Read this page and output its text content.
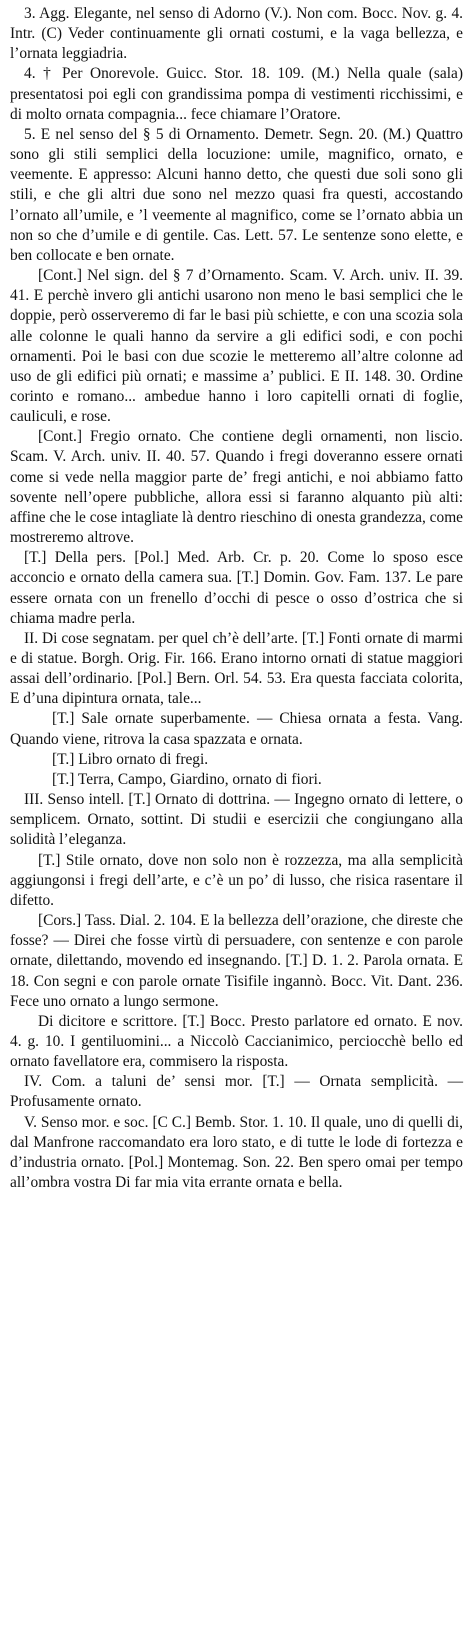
3. Agg. Elegante, nel senso di Adorno (V.). Non com. Bocc. Nov. g. 4. Intr. (C) Veder continuamente gli ornati costumi, e la vaga bellezza, e l’ornata leggiadria.

4. † Per Onorevole. Guicc. Stor. 18. 109. (M.) Nella quale (sala) presentatosi poi egli con grandissima pompa di vestimenti ricchissimi, e di molto ornata compagnia... fece chiamare l’Oratore.

5. E nel senso del § 5 di Ornamento. Demetr. Segn. 20. (M.) Quattro sono gli stili semplici della locuzione: umile, magnifico, ornato, e veemente. E appresso: Alcuni hanno detto, che questi due soli sono gli stili, e che gli altri due sono nel mezzo quasi fra questi, accostando l’ornato all’umile, e ’l veemente al magnifico, come se l’ornato abbia un non so che d’umile e di gentile. Cas. Lett. 57. Le sentenze sono elette, e ben collocate e ben ornate.

[Cont.] Nel sign. del § 7 d’Ornamento. Scam. V. Arch. univ. II. 39. 41. E perchè invero gli antichi usarono non meno le basi semplici che le doppie, però osserveremo di far le basi più schiette, e con una scozia sola alle colonne le quali hanno da servire a gli edifici sodi, e con pochi ornamenti. Poi le basi con due scozie le metteremo all’altre colonne ad uso de gli edifici più ornati; e massime a’ publici. E II. 148. 30. Ordine corinto e romano... ambedue hanno i loro capitelli ornati di foglie, cauliculi, e rose.

[Cont.] Fregio ornato. Che contiene degli ornamenti, non liscio. Scam. V. Arch. univ. II. 40. 57. Quando i fregi doveranno essere ornati come si vede nella maggior parte de’ fregi antichi, e noi abbiamo fatto sovente nell’opere pubbliche, allora essi si faranno alquanto più alti: affine che le cose intagliate là dentro rieschino di onesta grandezza, come mostreremo altrove.

[T.] Della pers. [Pol.] Med. Arb. Cr. p. 20. Come lo sposo esce acconcio e ornato della camera sua. [T.] Domin. Gov. Fam. 137. Le pare essere ornata con un frenello d’occhi di pesce o osso d’ostrica che si chiama madre perla.

II. Di cose segnatam. per quel ch’è dell’arte. [T.] Fonti ornate di marmi e di statue. Borgh. Orig. Fir. 166. Erano intorno ornati di statue maggiori assai dell’ordinario. [Pol.] Bern. Orl. 54. 53. Era questa facciata colorita, E d’una dipintura ornata, tale...

[T.] Sale ornate superbamente. — Chiesa ornata a festa. Vang. Quando viene, ritrova la casa spazzata e ornata.

[T.] Libro ornato di fregi.

[T.] Terra, Campo, Giardino, ornato di fiori.

III. Senso intell. [T.] Ornato di dottrina. — Ingegno ornato di lettere, o semplicem. Ornato, sottint. Di studii e esercizii che congiungano alla solidità l’eleganza.

[T.] Stile ornato, dove non solo non è rozzezza, ma alla semplicità aggiungonsi i fregi dell’arte, e c’è un po’ di lusso, che risica rasentare il difetto.

[Cors.] Tass. Dial. 2. 104. E la bellezza dell’orazione, che direste che fosse? — Direi che fosse virtù di persuadere, con sentenze e con parole ornate, dilettando, movendo ed insegnando. [T.] D. 1. 2. Parola ornata. E 18. Con segni e con parole ornate Tisifile ingannò. Bocc. Vit. Dant. 236. Fece uno ornato a lungo sermone.

Di dicitore e scrittore. [T.] Bocc. Presto parlatore ed ornato. E nov. 4. g. 10. I gentiluomini... a Niccolò Caccianimico, perciocchè bello ed ornato favellatore era, commisero la risposta.

IV. Com. a taluni de’ sensi mor. [T.] — Ornata semplicità. — Profusamente ornato.

V. Senso mor. e soc. [C C.] Bemb. Stor. 1. 10. Il quale, uno di quelli di, dal Manfrone raccomandato era loro stato, e di tutte le lode di fortezza e d’industria ornato. [Pol.] Montemag. Son. 22. Ben spero omai per tempo all’ombra vostra Di far mia vita errante ornata e bella.
